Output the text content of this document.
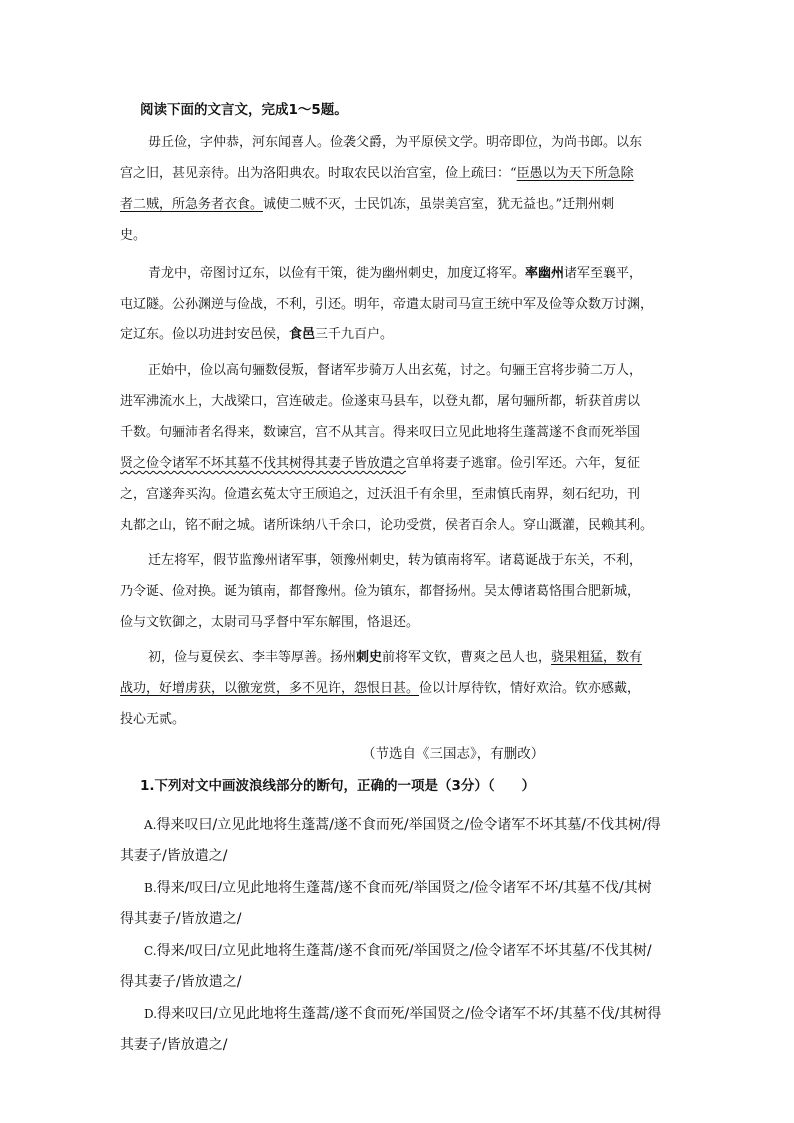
阅读下面的文言文，完成1～5题。
毋丘俭，字仲恭，河东闻喜人。俭袭父爵，为平原侯文学。明帝即位，为尚书郎。以东
宫之旧，甚见亲待。出为洛阳典农。时取农民以治宫室，俭上疏曰：“臣愚以为天下所急除
者二贼，所急务者衣食。诚使二贼不灭，士民饥冻，虽崇美宫室，犹无益也。”迁荆州刺
史。
青龙中，帝图讨辽东，以俭有干策，徙为幽州刺史，加度辽将军。率幽州诸军至襄平，
屯辽隧。公孙渊逆与俭战，不利，引还。明年，帝遣太尉司马宣王统中军及俭等众数万讨渊，
定辽东。俭以功进封安邑侯，食邑三千九百户。
正始中，俭以高句骊数侵叛，督诸军步骑万人出玄菟，讨之。句骊王宫将步骑二万人，
进军沸流水上，大战梁口，宫连破走。俭遂束马县车，以登丸都，屠句骊所都，斩获首虏以
千数。句骊沛者名得来，数谏宫，宫不从其言。得来叹曰立见此地将生蓬蒿遂不食而死举国
贤之俭令诸军不坏其墓不伐其树得其妻子皆放遣之宫单将妻子逃窜。俭引军还。六年，复征
之，宫遂奔买沟。俭遣玄菟太守王颀追之，过沃沮千有余里，至肃慎氏南界，刻石纪功，刊
丸都之山，铭不耐之城。诸所诛纳八千余口，论功受赏，侯者百余人。穿山溉灌，民赖其利。
迁左将军，假节监豫州诸军事，领豫州刺史，转为镇南将军。诸葛诞战于东关，不利，
乃令诞、俭对换。诞为镇南，都督豫州。俭为镇东，都督扬州。吴太傅诸葛恪围合肥新城，
俭与文钦御之，太尉司马孚督中军东解围，恪退还。
初，俭与夏侯玄、李丰等厚善。扬州刺史前将军文钦，曹爽之邑人也，骁果粗猛，数有
战功，好增虏获，以徼宠赏，多不见许，怨恨日甚。俭以计厚待钦，情好欢洽。钦亦感戴，
投心无贰。
（节选自《三国志》，有删改）
1.下列对文中画波浪线部分的断句，正确的一项是（3分）（　　）
A.得来叹曰/立见此地将生蓬蒿/遂不食而死/举国贤之/俭令诸军不坏其墓/不伐其树/得
其妻子/皆放遣之/
B.得来/叹曰/立见此地将生蓬蒿/遂不食而死/举国贤之/俭令诸军不坏/其墓不伐/其树
得其妻子/皆放遣之/
C.得来/叹曰/立见此地将生蓬蒿/遂不食而死/举国贤之/俭令诸军不坏其墓/不伐其树/
得其妻子/皆放遣之/
D.得来叹曰/立见此地将生蓬蒿/遂不食而死/举国贤之/俭令诸军不坏/其墓不伐/其树得
其妻子/皆放遣之/
